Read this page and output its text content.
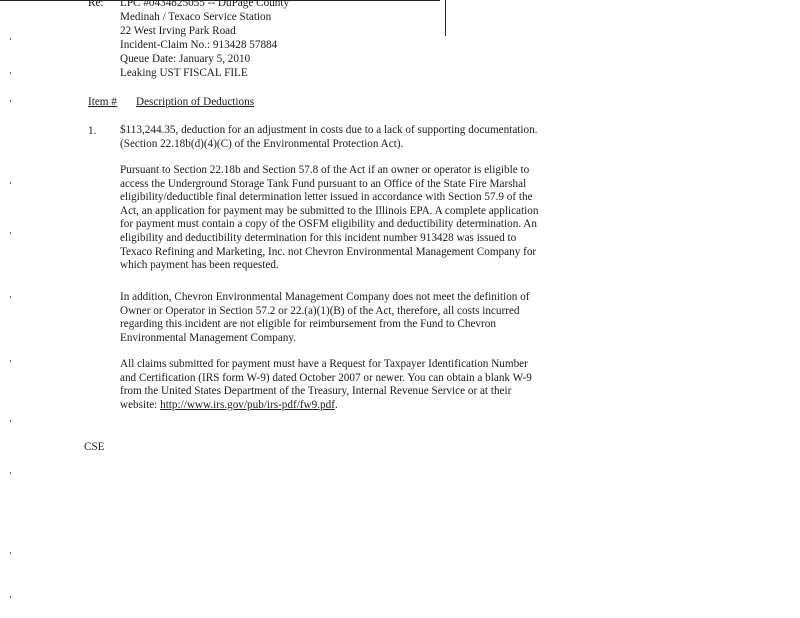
Re: LPC #0434825055 -- DuPage County
Medinah / Texaco Service Station
22 West Irving Park Road
Incident-Claim No.: 913428 57884
Queue Date: January 5, 2010
Leaking UST FISCAL FILE
Item # Description of Deductions
1. $113,244.35, deduction for an adjustment in costs due to a lack of supporting documentation. (Section 22.18b(d)(4)(C) of the Environmental Protection Act).

Pursuant to Section 22.18b and Section 57.8 of the Act if an owner or operator is eligible to access the Underground Storage Tank Fund pursuant to an Office of the State Fire Marshal eligibility/deductible final determination letter issued in accordance with Section 57.9 of the Act, an application for payment may be submitted to the Illinois EPA. A complete application for payment must contain a copy of the OSFM eligibility and deductibility determination. An eligibility and deductibility determination for this incident number 913428 was issued to Texaco Refining and Marketing, Inc. not Chevron Environmental Management Company for which payment has been requested.

In addition, Chevron Environmental Management Company does not meet the definition of Owner or Operator in Section 57.2 or 22.(a)(1)(B) of the Act, therefore, all costs incurred regarding this incident are not eligible for reimbursement from the Fund to Chevron Environmental Management Company.

All claims submitted for payment must have a Request for Taxpayer Identification Number and Certification (IRS form W-9) dated October 2007 or newer. You can obtain a blank W-9 from the United States Department of the Treasury, Internal Revenue Service or at their website: http://www.irs.gov/pub/irs-pdf/fw9.pdf.

CSE
